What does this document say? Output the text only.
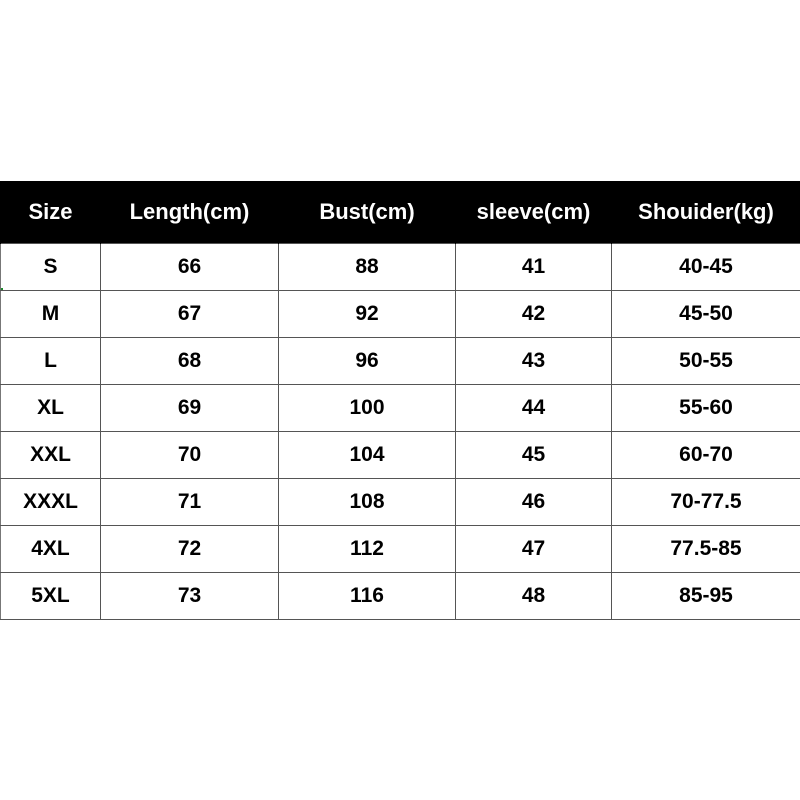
Size	Length(cm)	Bust(cm)	sleeve(cm)	Shouider(kg)
S	66	88	41	40-45
M	67	92	42	45-50
L	68	96	43	50-55
XL	69	100	44	55-60
XXL	70	104	45	60-70
XXXL	71	108	46	70-77.5
4XL	72	112	47	77.5-85
5XL	73	116	48	85-95
